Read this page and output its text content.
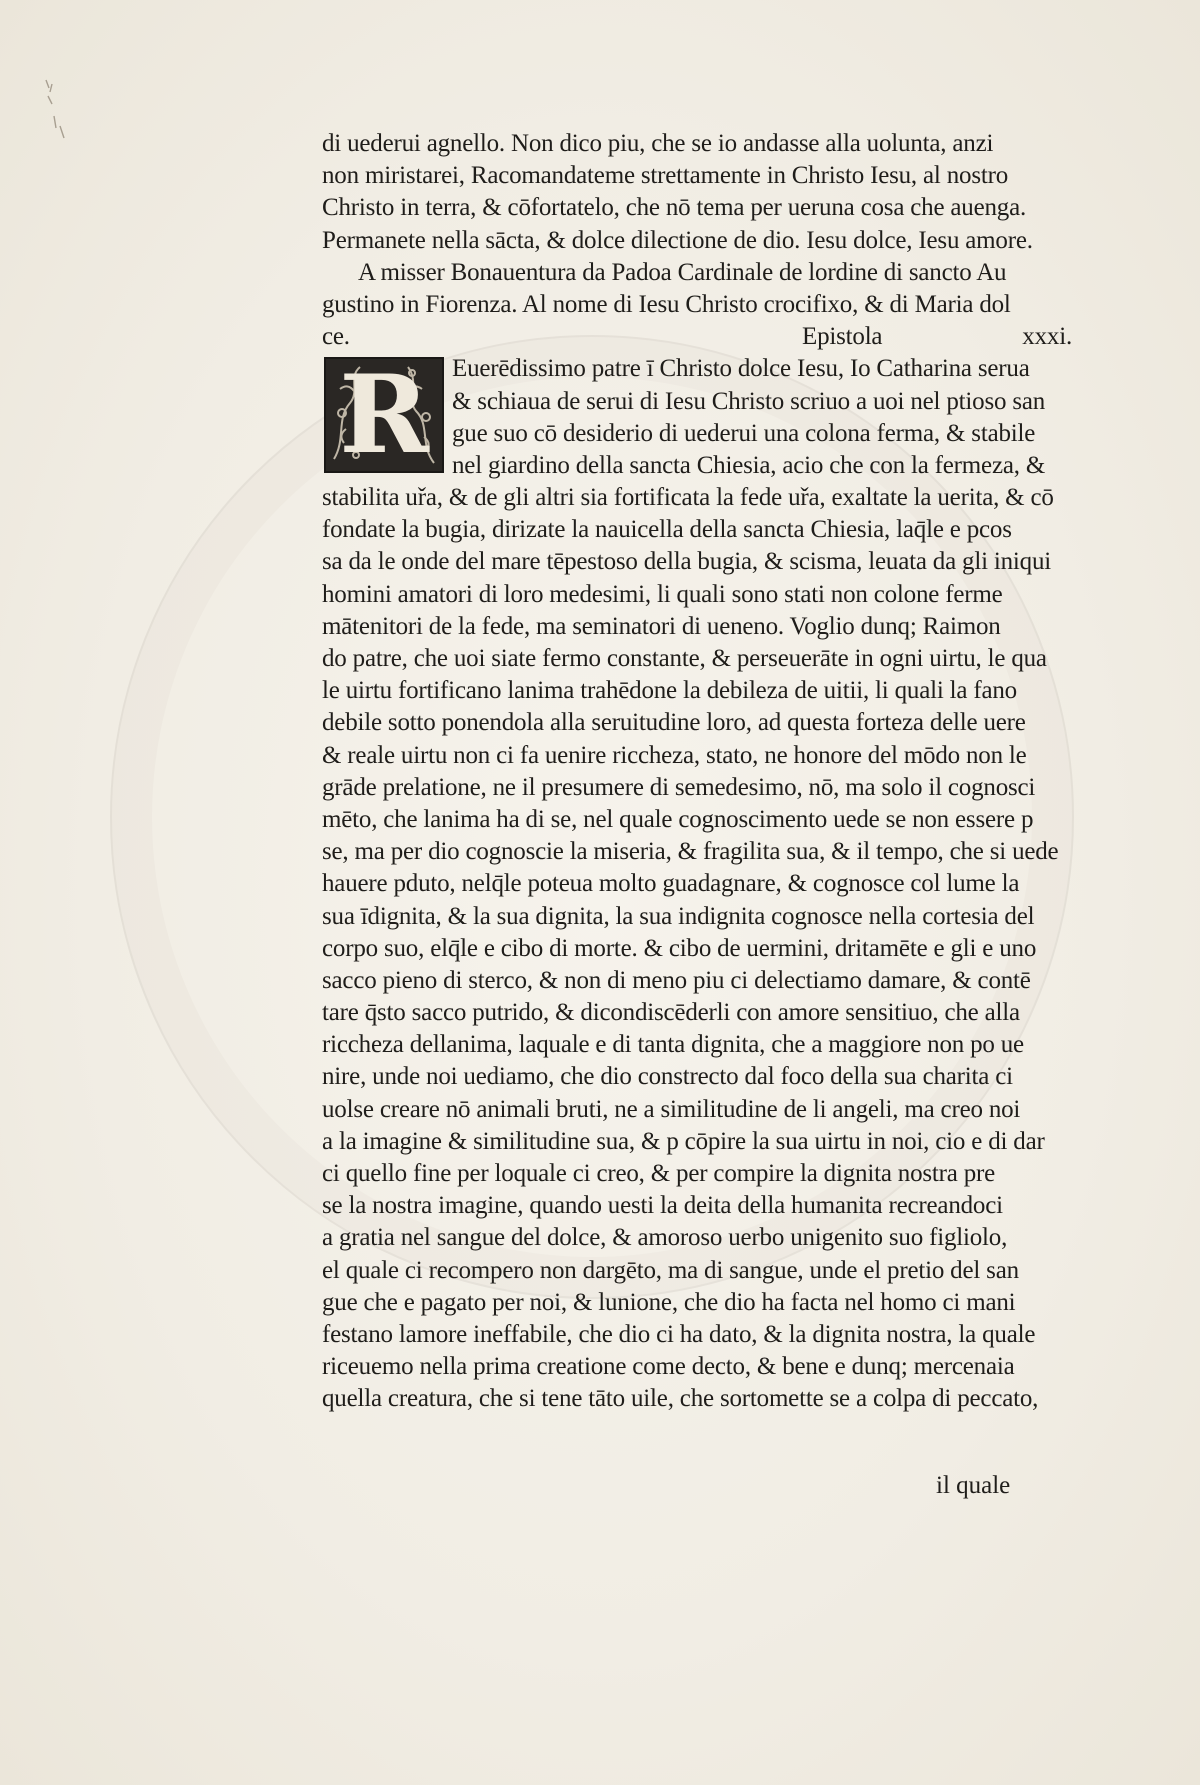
di uederui agnello. Non dico piu, che se io andasse alla uolunta, anzi
non miristarei, Racomandateme strettamente in Christo Iesu, al nostro
Christo in terra, & cōfortatelo, che nō tema per ueruna cosa che auenga.
Permanete nella sācta, & dolce dilectione de dio. Iesu dolce, Iesu amore.
A misser Bonauentura da Padoa Cardinale de lordine di sancto Au
gustino in Fiorenza. Al nome di Iesu Christo crocifixo, & di Maria dol
ce.	Epistola	xxxi.
R Euerēdissimo patre ī Christo dolce Iesu, Io Catharina serua
& schiaua de serui di Iesu Christo scriuo a uoi nel ptioso san
gue suo cō desiderio di uederui una colona ferma, & stabile
nel giardino della sancta Chiesia, acio che con la fermeza, &
stabilita uřa, & de gli altri sia fortificata la fede uřa, exaltate la uerita, & cō
fondate la bugia, dirizate la nauicella della sancta Chiesia, laq̄le e pcos
sa da le onde del mare tēpestoso della bugia, & scisma, leuata da gli iniqui
homini amatori di loro medesimi, li quali sono stati non colone ferme
mātenitori de la fede, ma seminatori di ueneno. Voglio dunq; Raimon
do patre, che uoi siate fermo constante, & perseuerāte in ogni uirtu, le qua
le uirtu fortificano lanima trahēdone la debileza de uitii, li quali la fano
debile sotto ponendola alla seruitudine loro, ad questa forteza delle uere
& reale uirtu non ci fa uenire riccheza, stato, ne honore del mōdo non le
grāde prelatione, ne il presumere di semedesimo, nō, ma solo il cognosci
mēto, che lanima ha di se, nel quale cognoscimento uede se non essere p
se, ma per dio cognoscie la miseria, & fragilita sua, & il tempo, che si uede
hauere pduto, nelq̄le poteua molto guadagnare, & cognosce col lume la
sua īdignita, & la sua dignita, la sua indignita cognosce nella cortesia del
corpo suo, elq̄le e cibo di morte. & cibo de uermini, dritamēte e gli e uno
sacco pieno di sterco, & non di meno piu ci delectiamo damare, & contē
tare q̄sto sacco putrido, & dicondiscēderli con amore sensitiuo, che alla
riccheza dellanima, laquale e di tanta dignita, che a maggiore non po ue
nire, unde noi uediamo, che dio constrecto dal foco della sua charita ci
uolse creare nō animali bruti, ne a similitudine de li angeli, ma creo noi
a la imagine & similitudine sua, & p cōpire la sua uirtu in noi, cio e di dar
ci quello fine per loquale ci creo, & per compire la dignita nostra pre
se la nostra imagine, quando uesti la deita della humanita recreandoci
a gratia nel sangue del dolce, & amoroso uerbo unigenito suo figliolo,
el quale ci recompero non dargēto, ma di sangue, unde el pretio del san
gue che e pagato per noi, & lunione, che dio ha facta nel homo ci mani
festano lamore ineffabile, che dio ci ha dato, & la dignita nostra, la quale
riceuemo nella prima creatione come decto, & bene e dunq; mercenaia
quella creatura, che si tene tāto uile, che sortomette se a colpa di peccato,
il quale
